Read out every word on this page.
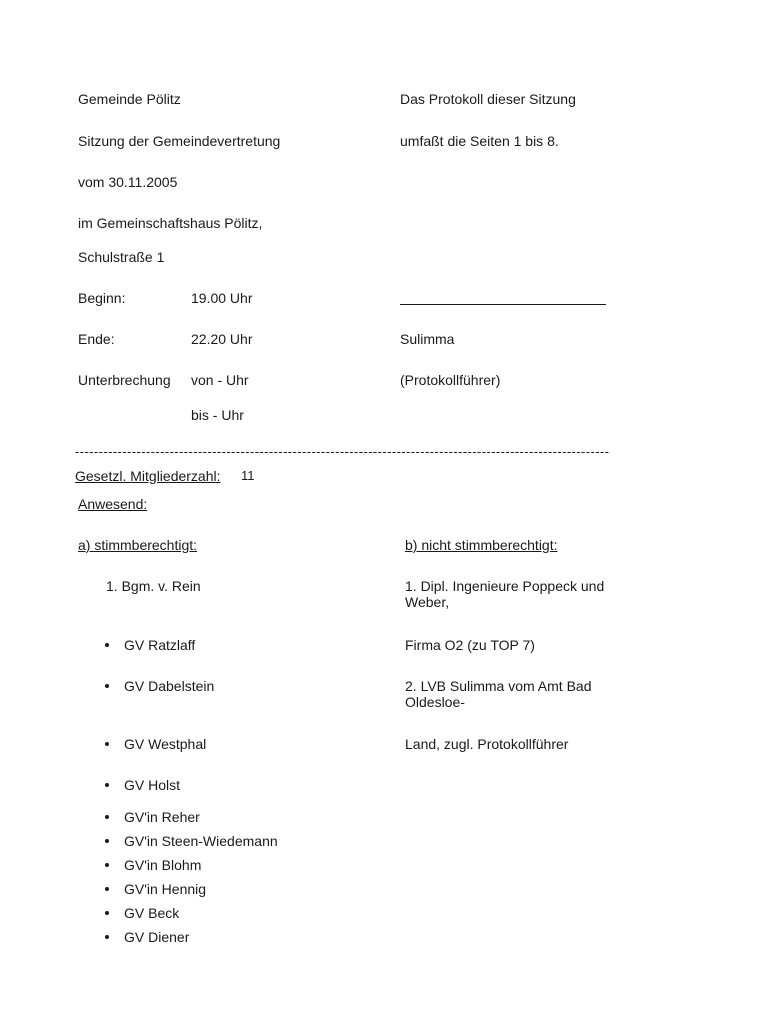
Gemeinde Pölitz
Sitzung der Gemeindevertretung
vom 30.11.2005
im Gemeinschaftshaus Pölitz,
Schulstraße 1
Das Protokoll dieser Sitzung
umfaßt die Seiten 1 bis 8.
Beginn:	19.00 Uhr
Ende:	22.20 Uhr
Unterbrechung von - Uhr
bis - Uhr
Sulimma
(Protokollführer)
-----------------------------------------------------------------------------------------------------------------
Gesetzl. Mitgliederzahl: 11
Anwesend:
a) stimmberechtigt:
1. Bgm. v. Rein
GV Ratzlaff
GV Dabelstein
GV Westphal
GV Holst
GV'in Reher
GV'in Steen-Wiedemann
GV'in Blohm
GV'in Hennig
GV Beck
GV Diener
b) nicht stimmberechtigt:
1. Dipl. Ingenieure Poppeck und Weber,
Firma O2 (zu TOP 7)
2. LVB Sulimma vom Amt Bad Oldesloe-
Land, zugl. Protokollführer
